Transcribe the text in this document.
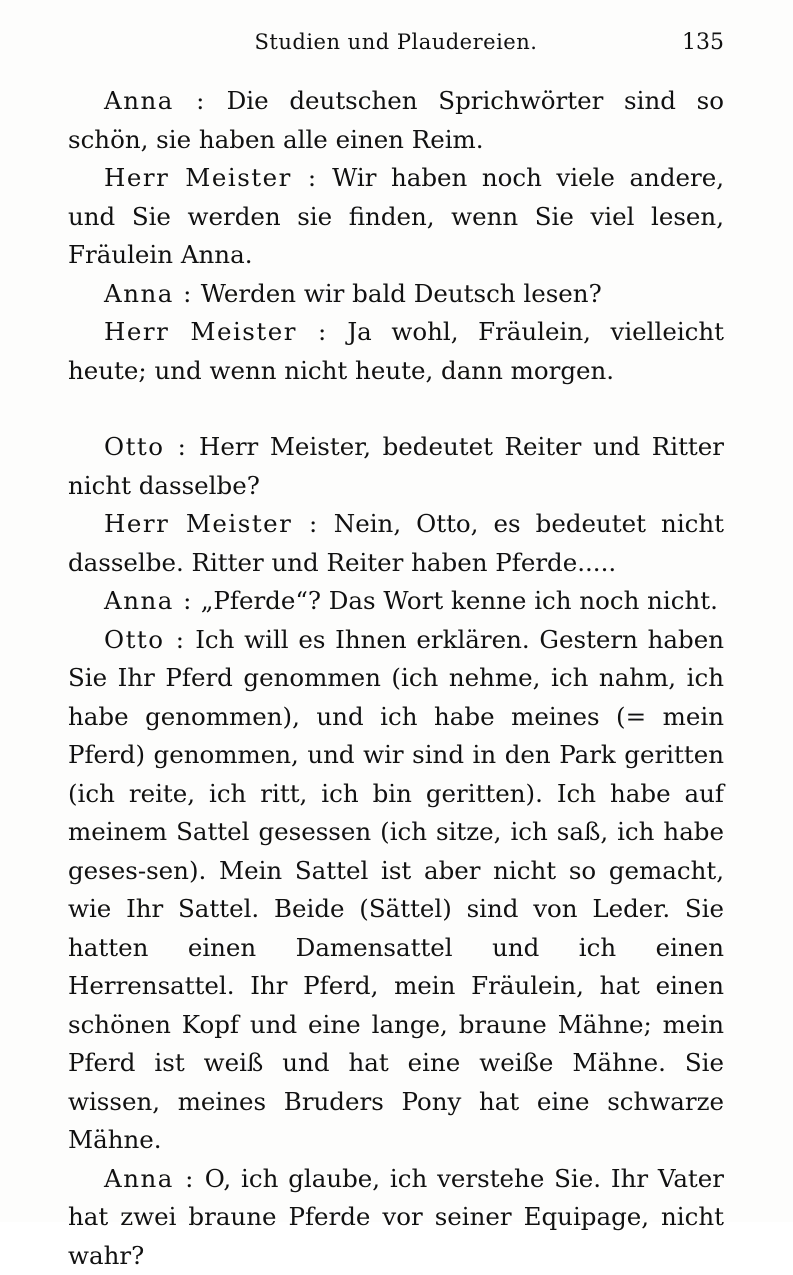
Studien und Plaudereien.	135

Anna : Die deutschen Sprichwörter sind so schön, sie haben alle einen Reim.

Herr Meister : Wir haben noch viele andere, und Sie werden sie finden, wenn Sie viel lesen, Fräulein Anna.

Anna : Werden wir bald Deutsch lesen?

Herr Meister : Ja wohl, Fräulein, vielleicht heute; und wenn nicht heute, dann morgen.

Otto : Herr Meister, bedeutet Reiter und Ritter nicht dasselbe?

Herr Meister : Nein, Otto, es bedeutet nicht dasselbe. Ritter und Reiter haben Pferde.....

Anna : „Pferde“? Das Wort kenne ich noch nicht.

Otto : Ich will es Ihnen erklären. Gestern haben Sie Ihr Pferd genommen (ich nehme, ich nahm, ich habe genommen), und ich habe meines (= mein Pferd) genommen, und wir sind in den Park geritten (ich reite, ich ritt, ich bin geritten). Ich habe auf meinem Sattel gesessen (ich sitze, ich saß, ich habe geses-sen). Mein Sattel ist aber nicht so gemacht, wie Ihr Sattel. Beide (Sättel) sind von Leder. Sie hatten einen Damensattel und ich einen Herrensattel. Ihr Pferd, mein Fräulein, hat einen schönen Kopf und eine lange, braune Mähne; mein Pferd ist weiß und hat eine weiße Mähne. Sie wissen, meines Bruders Pony hat eine schwarze Mähne.

Anna : O, ich glaube, ich verstehe Sie. Ihr Vater hat zwei braune Pferde vor seiner Equipage, nicht wahr?
